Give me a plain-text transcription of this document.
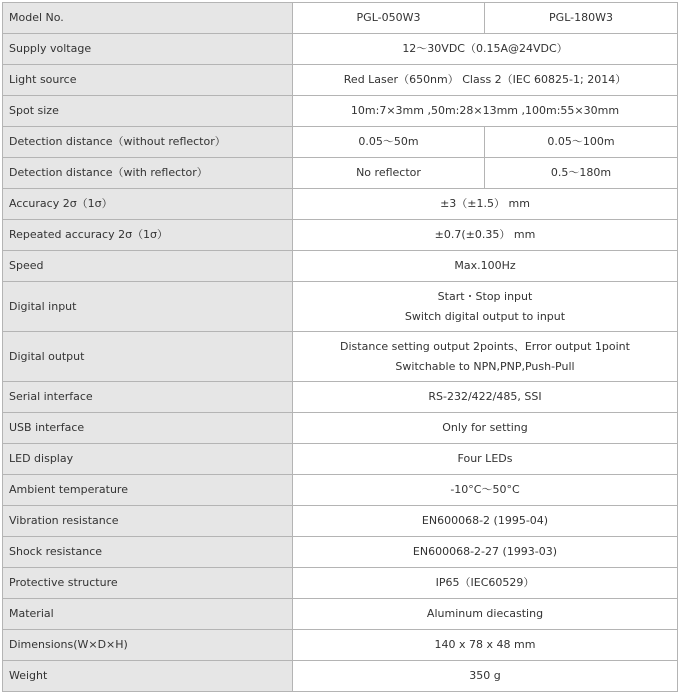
Model No.	PGL-050W3	PGL-180W3
Supply voltage	12～30VDC（0.15A@24VDC）	
Light source	Red Laser（650nm） Class 2（IEC 60825-1; 2014）	
Spot size	10m:7×3mm ,50m:28×13mm ,100m:55×30mm	
Detection distance（without reflector）	0.05～50m	0.05～100m
Detection distance（with reflector）	No reflector	0.5～180m
Accuracy 2σ（1σ）	±3（±1.5） mm	
Repeated accuracy 2σ（1σ）	±0.7(±0.35） mm	
Speed	Max.100Hz	
Digital input	Start・Stop input
Switch digital output to input	

Digital output	Distance setting output 2points、Error output 1point
Switchable to NPN,PNP,Push-Pull	

Serial interface	RS-232/422/485, SSI	
USB interface	Only for setting	
LED display	Four LEDs	
Ambient temperature	-10°C～50°C	
Vibration resistance	EN600068-2 (1995-04)	
Shock resistance	EN600068-2-27 (1993-03)	
Protective structure	IP65（IEC60529）	
Material	Aluminum diecasting	
Dimensions(W×D×H)	140 x 78 x 48 mm	
Weight	350 g	
